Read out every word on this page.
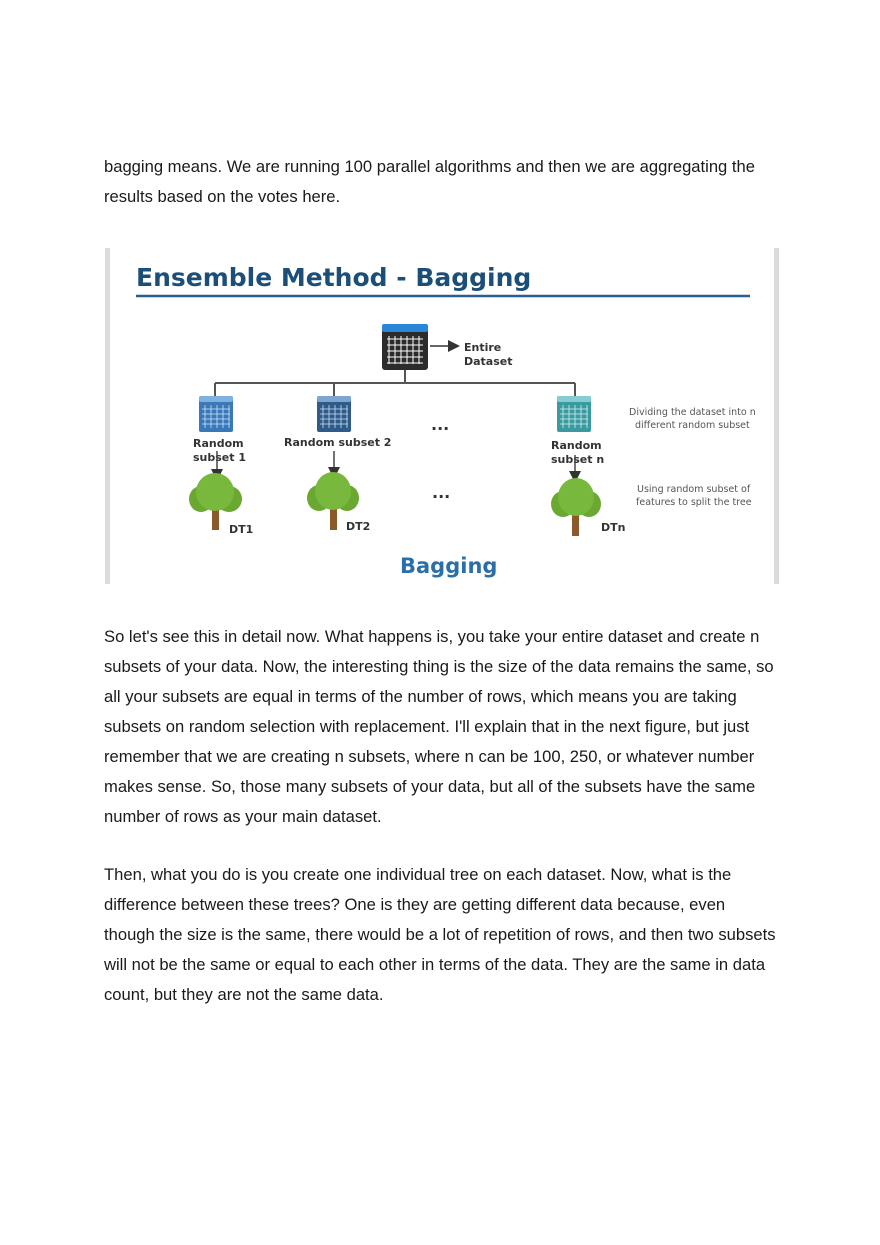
bagging means. We are running 100 parallel algorithms and then we are aggregating the results based on the votes here.

Ensemble Method - Bagging
Entire
Dataset
Random
subset 1
Random subset 2
...
Random
subset n
Dividing the dataset into n
different random subset
Using random subset of
features to split the tree
DT1	DT2
...
DTn
Bagging

So let's see this in detail now. What happens is, you take your entire dataset and create n subsets of your data. Now, the interesting thing is the size of the data remains the same, so all your subsets are equal in terms of the number of rows, which means you are taking subsets on random selection with replacement. I'll explain that in the next figure, but just remember that we are creating n subsets, where n can be 100, 250, or whatever number makes sense. So, those many subsets of your data, but all of the subsets have the same number of rows as your main dataset.

Then, what you do is you create one individual tree on each dataset. Now, what is the difference between these trees? One is they are getting different data because, even though the size is the same, there would be a lot of repetition of rows, and then two subsets will not be the same or equal to each other in terms of the data. They are the same in data count, but they are not the same data.
